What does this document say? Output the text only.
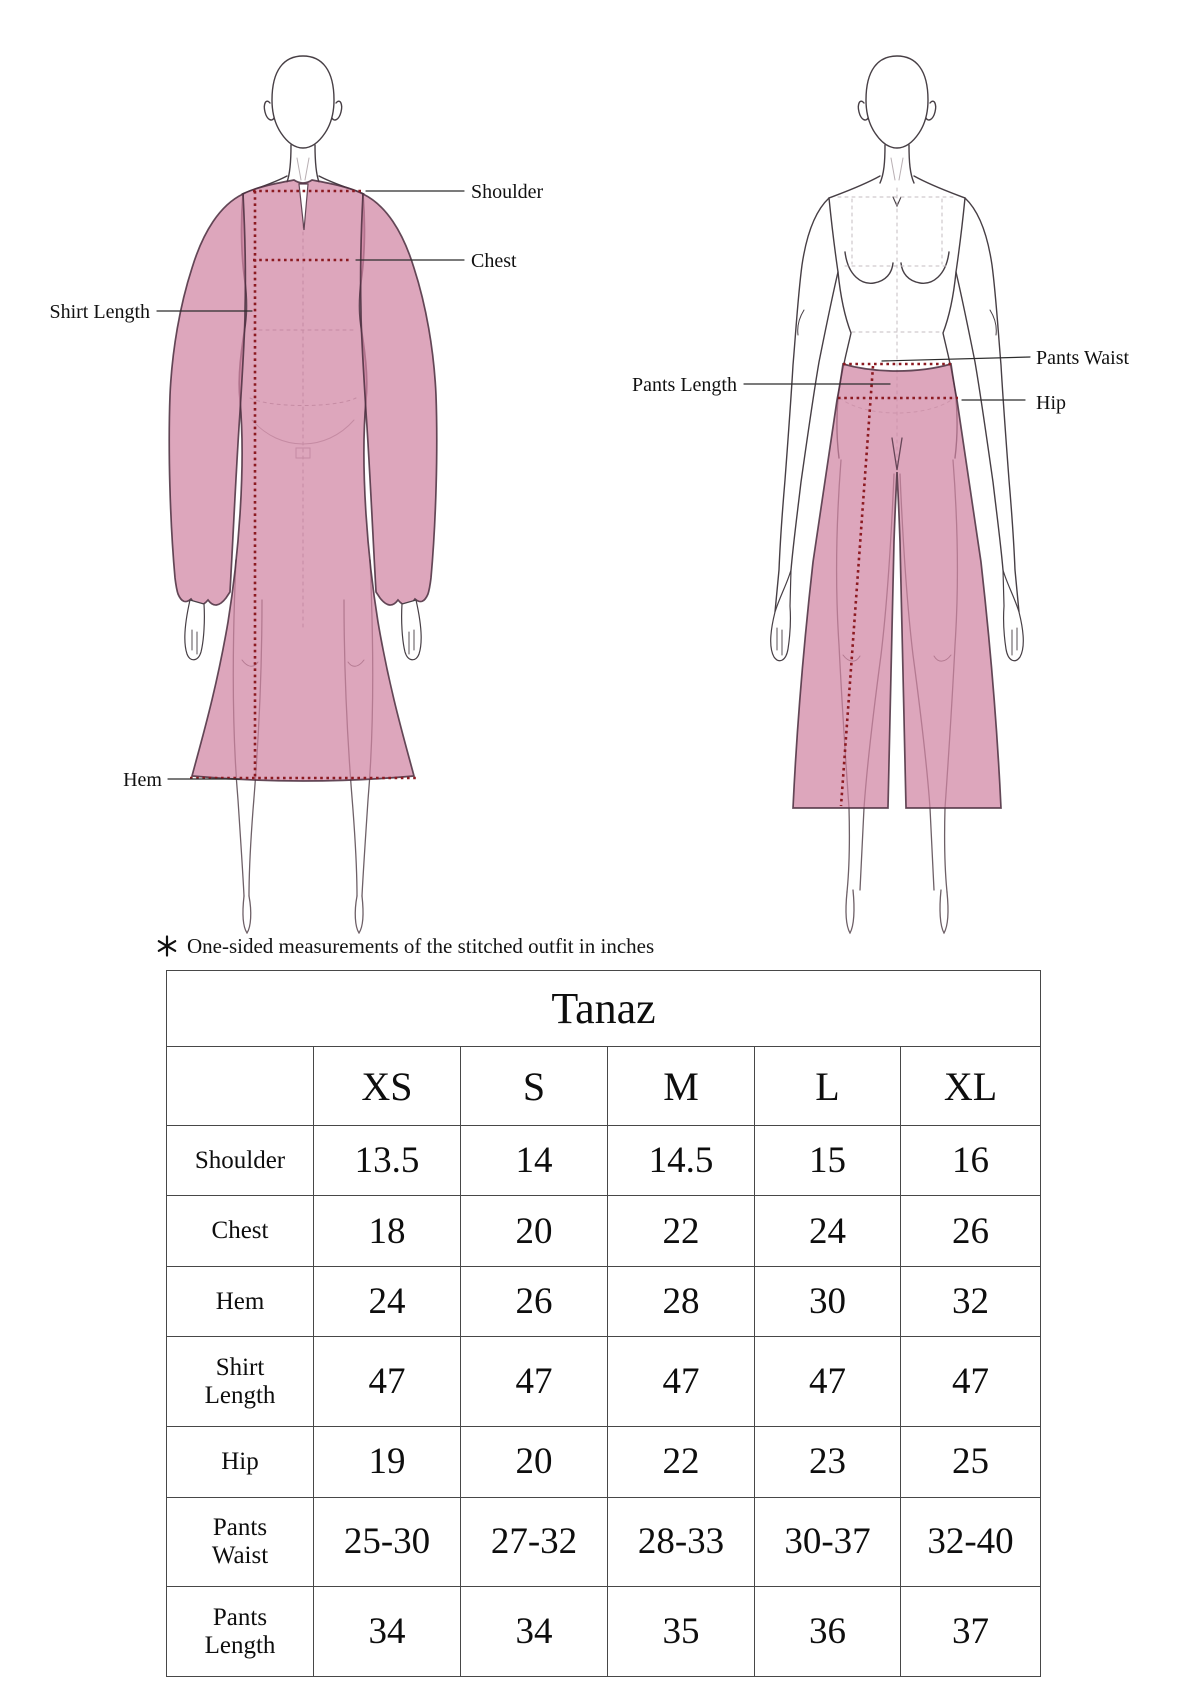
Shoulder
Chest
Shirt Length
Hem
Pants Waist
Pants Length
Hip
One-sided measurements of the stitched outfit in inches
Tanaz					
	XS	S	M	L	XL
Shoulder	13.5	14	14.5	15	16
Chest	18	20	22	24	26
Hem	24	26	28	30	32
Shirt Length	47	47	47	47	47
Hip	19	20	22	23	25
Pants Waist	25-30	27-32	28-33	30-37	32-40
Pants Length	34	34	35	36	37
